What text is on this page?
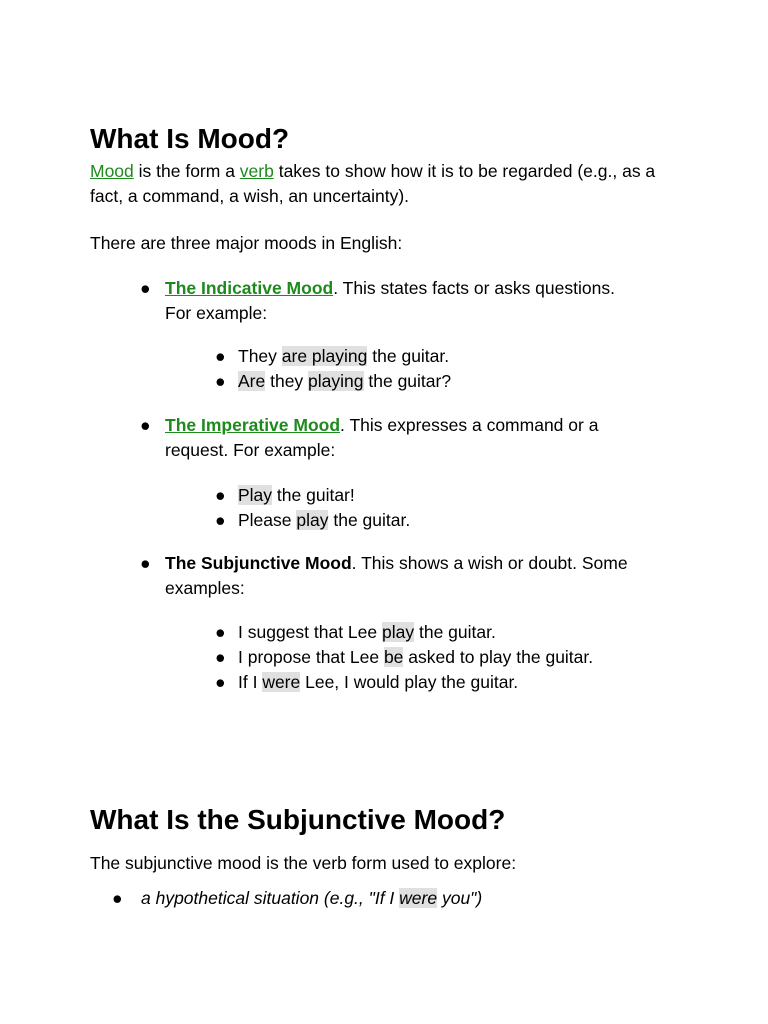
What Is Mood?

Mood is the form a verb takes to show how it is to be regarded (e.g., as a fact, a command, a wish, an uncertainty).

There are three major moods in English:

● The Indicative Mood. This states facts or asks questions. For example:
● They are playing the guitar.
● Are they playing the guitar?
● The Imperative Mood. This expresses a command or a request. For example:
● Play the guitar!
● Please play the guitar.
● The Subjunctive Mood. This shows a wish or doubt. Some examples:
● I suggest that Lee play the guitar.
● I propose that Lee be asked to play the guitar.
● If I were Lee, I would play the guitar.
What Is the Subjunctive Mood?

The subjunctive mood is the verb form used to explore:

● a hypothetical situation (e.g., "If I were you")
